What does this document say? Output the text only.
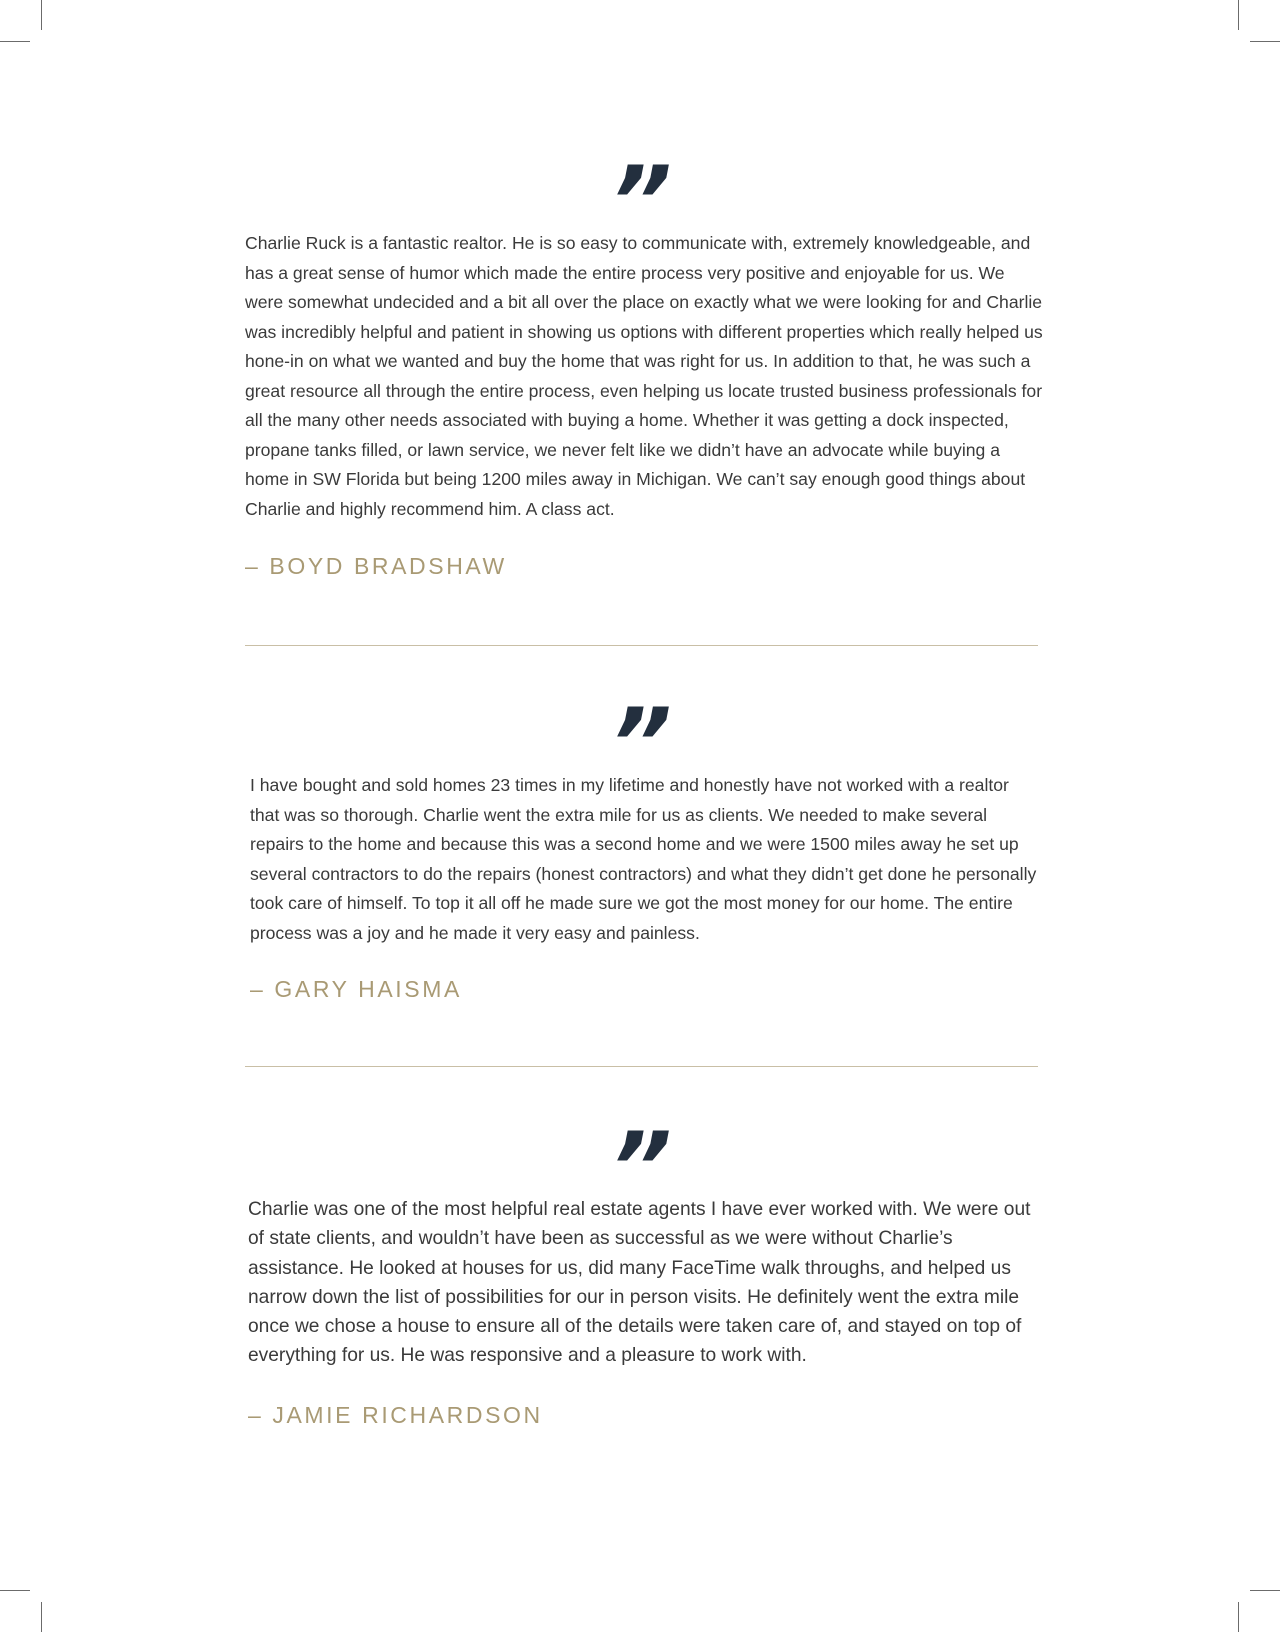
”

Charlie Ruck is a fantastic realtor. He is so easy to communicate with, extremely knowledgeable, and has a great sense of humor which made the entire process very positive and enjoyable for us. We were somewhat undecided and a bit all over the place on exactly what we were looking for and Charlie was incredibly helpful and patient in showing us options with different properties which really helped us hone-in on what we wanted and buy the home that was right for us. In addition to that, he was such a great resource all through the entire process, even helping us locate trusted business professionals for all the many other needs associated with buying a home. Whether it was getting a dock inspected, propane tanks filled, or lawn service, we never felt like we didn’t have an advocate while buying a home in SW Florida but being 1200 miles away in Michigan. We can’t say enough good things about Charlie and highly recommend him. A class act.

– BOYD BRADSHAW
”

I have bought and sold homes 23 times in my lifetime and honestly have not worked with a realtor that was so thorough. Charlie went the extra mile for us as clients. We needed to make several repairs to the home and because this was a second home and we were 1500 miles away he set up several contractors to do the repairs (honest contractors) and what they didn’t get done he personally took care of himself. To top it all off he made sure we got the most money for our home. The entire process was a joy and he made it very easy and painless.

– GARY HAISMA
”

Charlie was one of the most helpful real estate agents I have ever worked with. We were out of state clients, and wouldn’t have been as successful as we were without Charlie’s assistance. He looked at houses for us, did many FaceTime walk throughs, and helped us narrow down the list of possibilities for our in person visits. He definitely went the extra mile once we chose a house to ensure all of the details were taken care of, and stayed on top of everything for us. He was responsive and a pleasure to work with.

– JAMIE RICHARDSON
